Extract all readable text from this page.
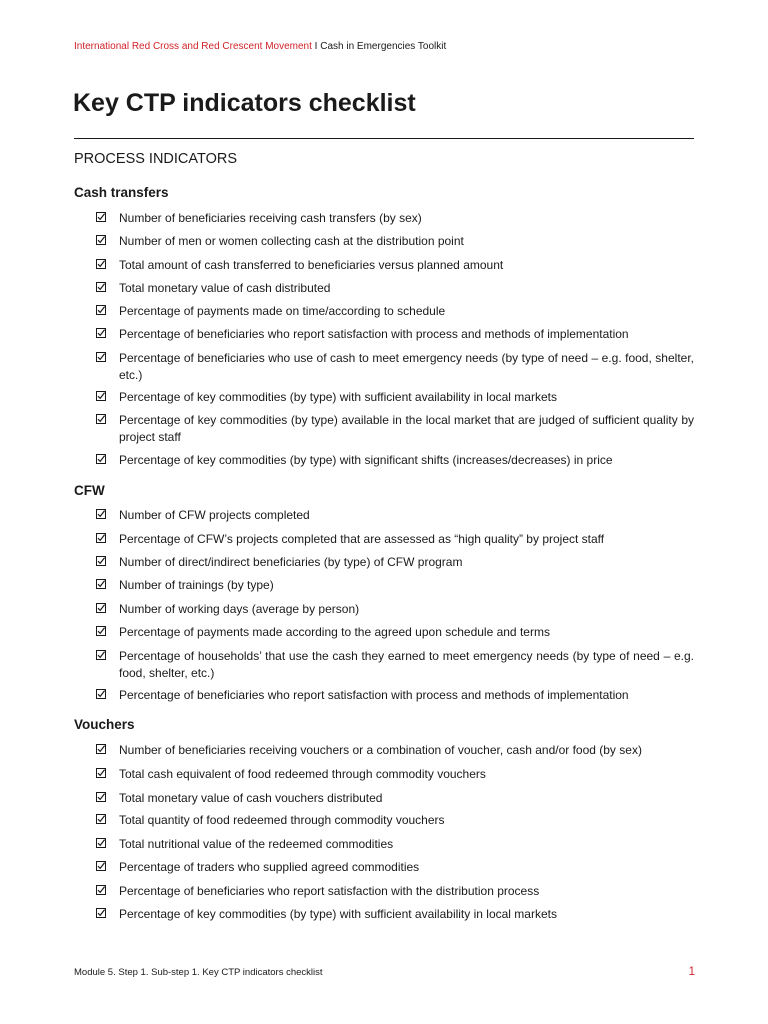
International Red Cross and Red Crescent Movement I Cash in Emergencies Toolkit
Key CTP indicators checklist
PROCESS INDICATORS
Cash transfers
Number of beneficiaries receiving cash transfers (by sex)
Number of men or women collecting cash at the distribution point
Total amount of cash transferred to beneficiaries versus planned amount
Total monetary value of cash distributed
Percentage of payments made on time/according to schedule
Percentage of beneficiaries who report satisfaction with process and methods of implementation
Percentage of beneficiaries who use of cash to meet emergency needs (by type of need – e.g. food, shelter, etc.)
Percentage of key commodities (by type) with sufficient availability in local markets
Percentage of key commodities (by type) available in the local market that are judged of sufficient quality by project staff
Percentage of key commodities (by type) with significant shifts (increases/decreases) in price
CFW
Number of CFW projects completed
Percentage of CFW’s projects completed that are assessed as “high quality” by project staff
Number of direct/indirect beneficiaries (by type) of CFW program
Number of trainings (by type)
Number of working days (average by person)
Percentage of payments made according to the agreed upon schedule and terms
Percentage of households’ that use the cash they earned to meet emergency needs (by type of need – e.g. food, shelter, etc.)
Percentage of beneficiaries who report satisfaction with process and methods of implementation
Vouchers
Number of beneficiaries receiving vouchers or a combination of voucher, cash and/or food (by sex)
Total cash equivalent of food redeemed through commodity vouchers
Total monetary value of cash vouchers distributed
Total quantity of food redeemed through commodity vouchers
Total nutritional value of the redeemed commodities
Percentage of traders who supplied agreed commodities
Percentage of beneficiaries who report satisfaction with the distribution process
Percentage of key commodities (by type) with sufficient availability in local markets
Module 5. Step 1. Sub-step 1. Key CTP indicators checklist	1
